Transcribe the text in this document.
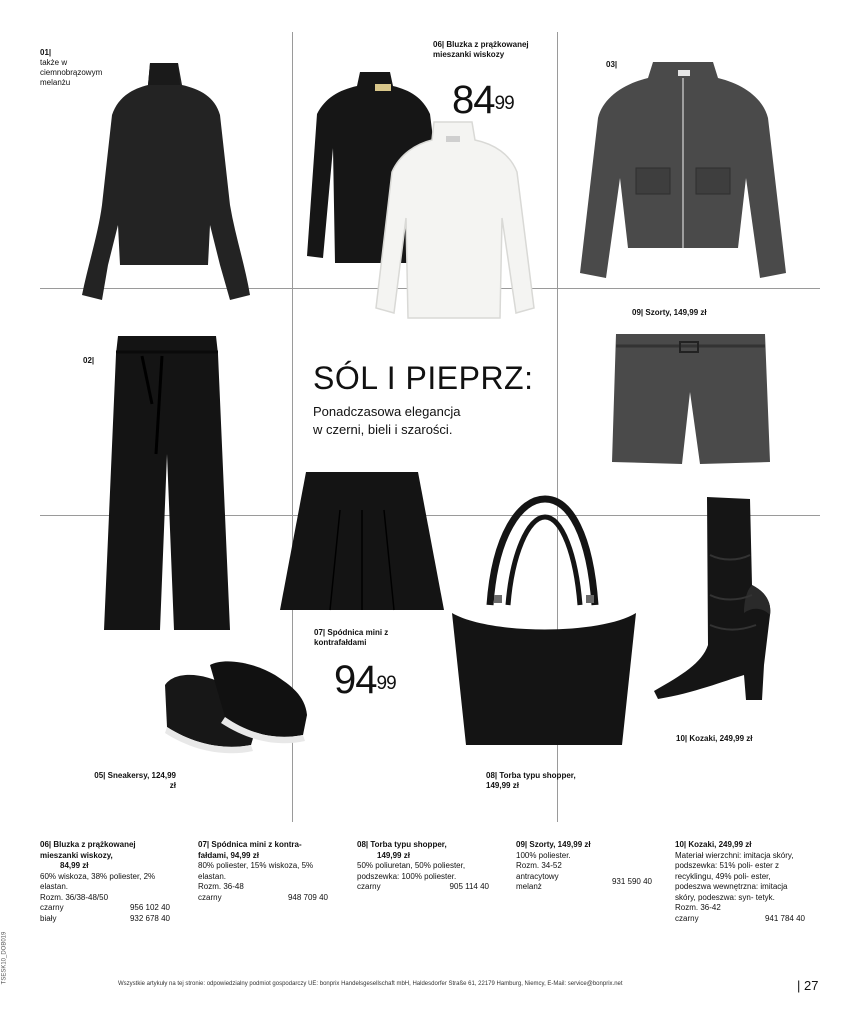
01|
także w ciemnobrązowym melanżu
06| Bluzka z prążkowanej mieszanki wiskozy
$84^{99}$
03|
02|	SÓL I PIEPRZ:
Ponadczasowa elegancja
w czerni, bieli i szarości.
09| Szorty, 149,99 zł
07| Spódnica mini z kontrafałdami
$94^{99}$
05| Sneakersy, 124,99 zł
08| Torba typu shopper, 149,99 zł
10| Kozaki, 249,99 zł
06| Bluzka z prążkowanej mieszanki wiskozy,
84,99 zł
60% wiskoza, 38% poliester, 2% elastan.
Rozm. 36/38-48/50
czarny	956 102 40
biały	932 678 40
07| Spódnica mini z kontra- fałdami, 94,99 zł
80% poliester, 15% wiskoza, 5% elastan.
Rozm. 36-48
czarny	948 709 40
08| Torba typu shopper,
149,99 zł
50% poliuretan, 50% poliester, podszewka: 100% poliester.
czarny	905 114 40
09| Szorty, 149,99 zł
100% poliester.
Rozm. 34-52
antracytowy melanż
931 590 40
10| Kozaki, 249,99 zł
Materiał wierzchni: imitacja skóry, podszewka: 51% poli- ester z recyklingu, 49% poli- ester, podeszwa wewnętrzna: imitacja skóry, podeszwa: syn- tetyk.
Rozm. 36-42
czarny	941 784 40
Wszystkie artykuły na tej stronie: odpowiedzialny podmiot gospodarczy UE: bonprix Handelsgesellschaft mbH, Haldesdorfer Straße 61, 22179 Hamburg, Niemcy, E-Mail: service@bonprix.net	| 27
TSESK10_DOB019
